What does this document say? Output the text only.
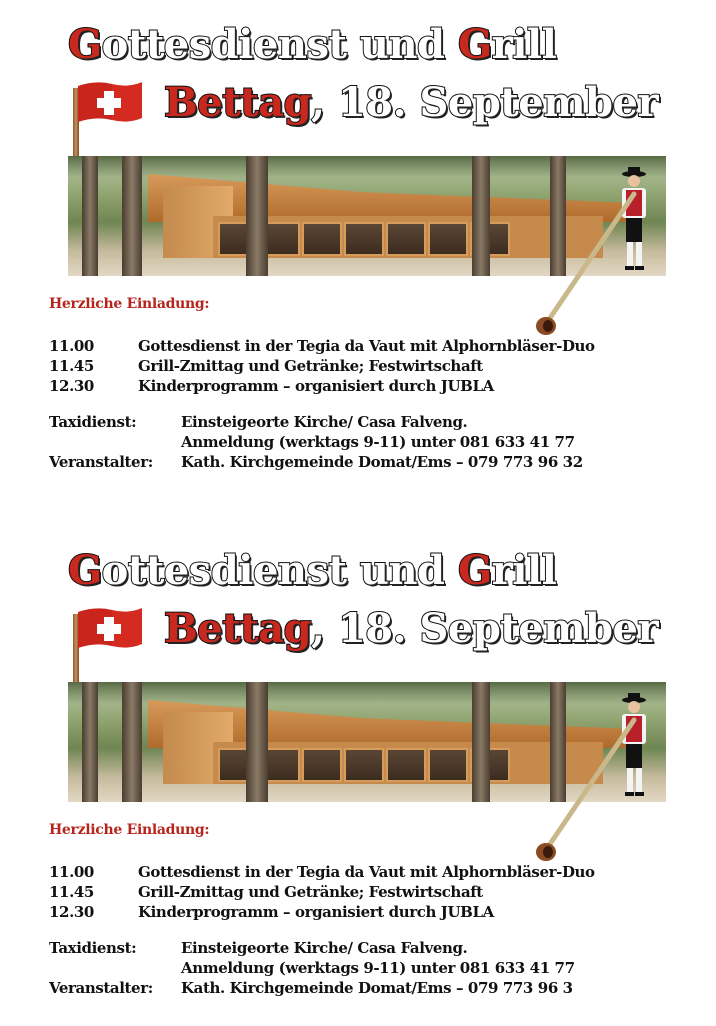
Gottesdienst und Grill
Bettag, 18. September
Herzliche Einladung:
11.00	Gottesdienst in der Tegia da Vaut mit Alphornbläser-Duo
11.45	Grill-Zmittag und Getränke; Festwirtschaft
12.30	Kinderprogramm – organisiert durch JUBLA
Taxidienst:	Einsteigeorte Kirche/ Casa Falveng.
Anmeldung (werktags 9-11) unter 081 633 41 77
Veranstalter:	Kath. Kirchgemeinde Domat/Ems – 079 773 96 32
Gottesdienst und Grill
Bettag, 18. September
Herzliche Einladung:
11.00	Gottesdienst in der Tegia da Vaut mit Alphornbläser-Duo
11.45	Grill-Zmittag und Getränke; Festwirtschaft
12.30	Kinderprogramm – organisiert durch JUBLA
Taxidienst:	Einsteigeorte Kirche/ Casa Falveng.
Anmeldung (werktags 9-11) unter 081 633 41 77
Veranstalter:	Kath. Kirchgemeinde Domat/Ems – 079 773 96 3
